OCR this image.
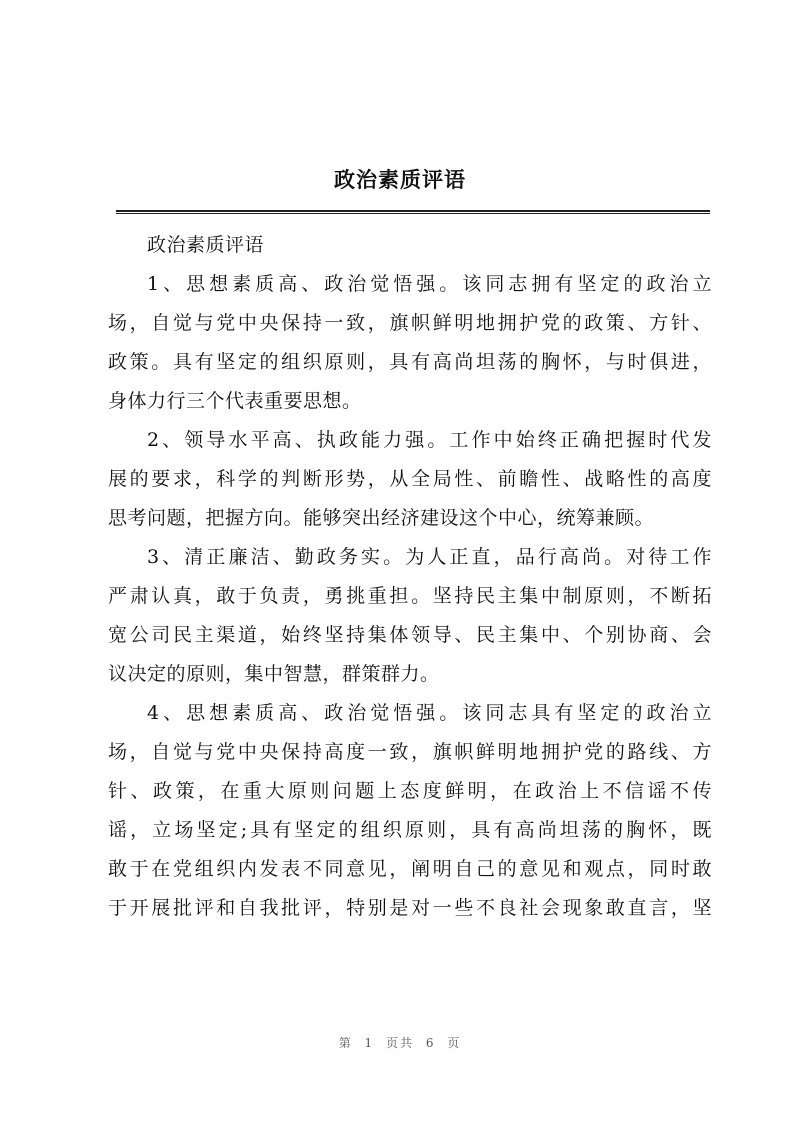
政治素质评语
政治素质评语
1、思想素质高、政治觉悟强。该同志拥有坚定的政治立
场，自觉与党中央保持一致，旗帜鲜明地拥护党的政策、方针、
政策。具有坚定的组织原则，具有高尚坦荡的胸怀，与时俱进，
身体力行三个代表重要思想。
2、领导水平高、执政能力强。工作中始终正确把握时代发
展的要求，科学的判断形势，从全局性、前瞻性、战略性的高度
思考问题，把握方向。能够突出经济建设这个中心，统筹兼顾。
3、清正廉洁、勤政务实。为人正直，品行高尚。对待工作
严肃认真，敢于负责，勇挑重担。坚持民主集中制原则，不断拓
宽公司民主渠道，始终坚持集体领导、民主集中、个别协商、会
议决定的原则，集中智慧，群策群力。
4、思想素质高、政治觉悟强。该同志具有坚定的政治立
场，自觉与党中央保持高度一致，旗帜鲜明地拥护党的路线、方
针、政策，在重大原则问题上态度鲜明，在政治上不信谣不传
谣，立场坚定;具有坚定的组织原则，具有高尚坦荡的胸怀，既
敢于在党组织内发表不同意见，阐明自己的意见和观点，同时敢
于开展批评和自我批评，特别是对一些不良社会现象敢直言，坚
第 1 页共 6 页
